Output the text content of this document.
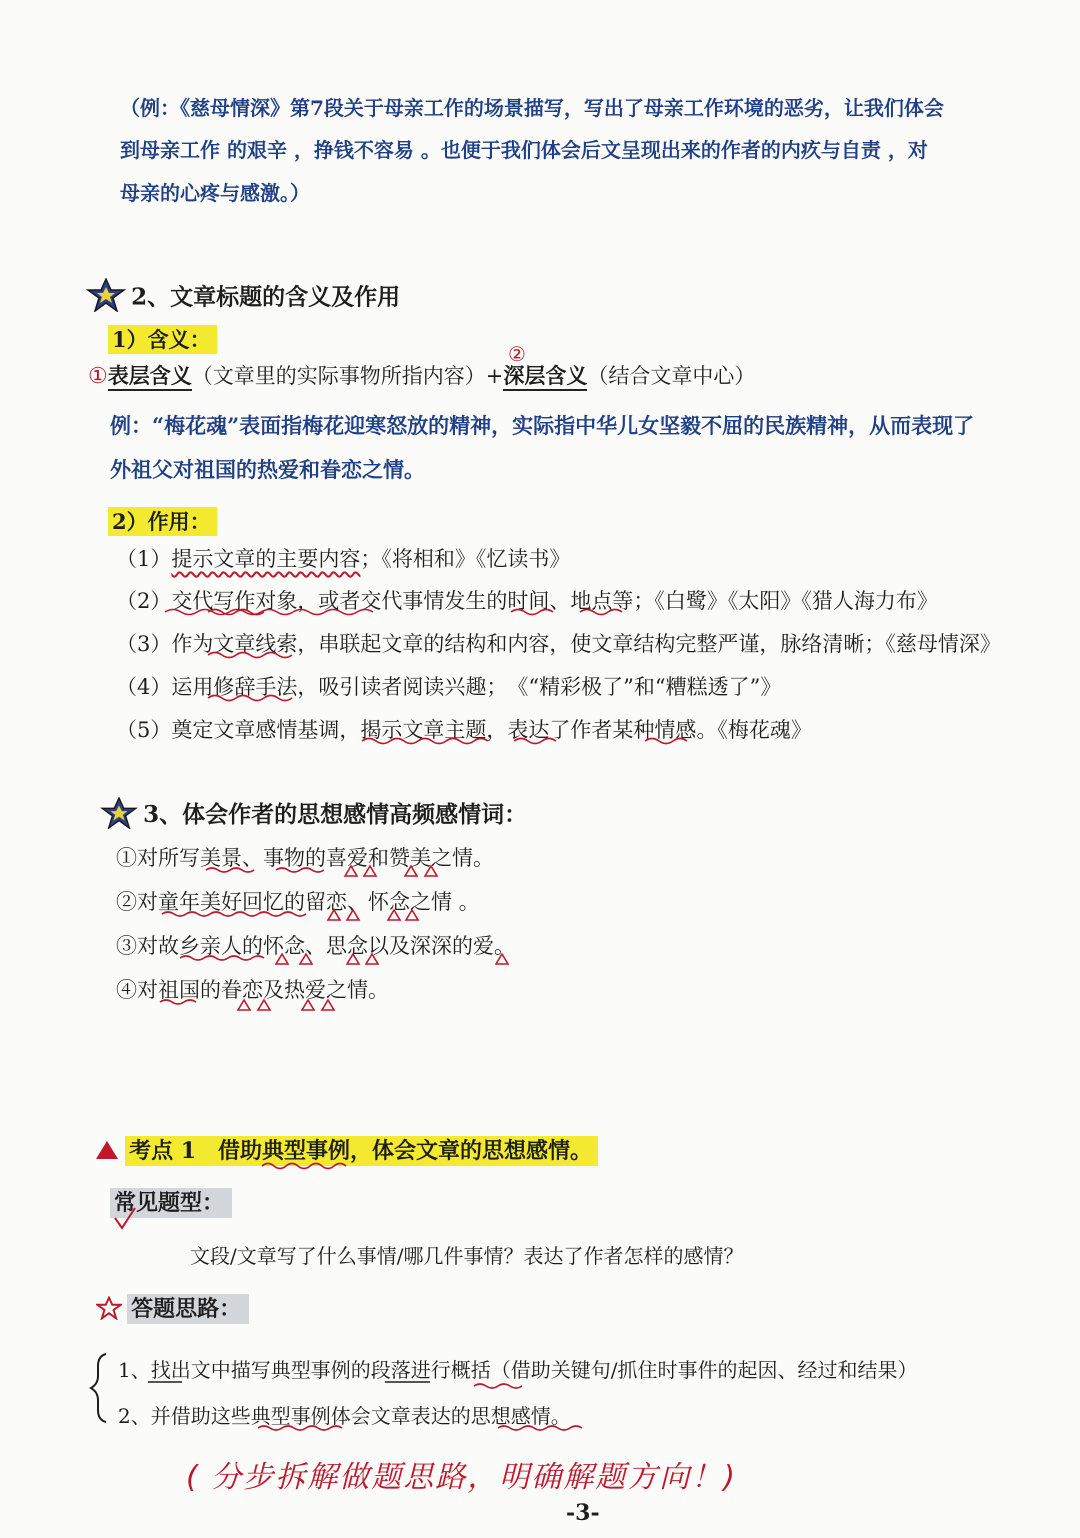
（例：《慈母情深》第7段关于母亲工作的场景描写，写出了母亲工作环境的恶劣，让我们体会
到母亲工作 的艰辛 ，挣钱不容易 。也便于我们体会后文呈现出来的作者的内疚与自责 ，对
母亲的心疼与感激。）
2、文章标题的含义及作用
1）含义：
②
①表层含义（文章里的实际事物所指内容）+深层含义（结合文章中心）
例：“梅花魂”表面指梅花迎寒怒放的精神，实际指中华儿女坚毅不屈的民族精神，从而表现了
外祖父对祖国的热爱和眷恋之情。
2）作用：
（1）提示文章的主要内容；《将相和》《忆读书》
（2）交代写作对象，或者交代事情发生的时间、地点等；《白鹭》《太阳》《猎人海力布》
（3）作为文章线索，串联起文章的结构和内容，使文章结构完整严谨，脉络清晰；《慈母情深》
（4）运用修辞手法，吸引读者阅读兴趣；　《“精彩极了”和“糟糕透了”》
（5）奠定文章感情基调，揭示文章主题，表达了作者某种情感。《梅花魂》
3、体会作者的思想感情高频感情词：
①对所写美景、事物的喜爱和赞美之情。
②对童年美好回忆的留恋、怀念之情 。
③对故乡亲人的怀念、思念以及深深的爱。
④对祖国的眷恋及热爱之情。
考点 1　借助典型事例，体会文章的思想感情。
常见题型：
文段/文章写了什么事情/哪几件事情？表达了作者怎样的感情？
答题思路：
1、找出文中描写典型事例的段落进行概括（借助关键句/抓住时事件的起因、经过和结果）
2、并借助这些典型事例体会文章表达的思想感情。
( 分步拆解做题思路，明确解题方向！)
-3-
